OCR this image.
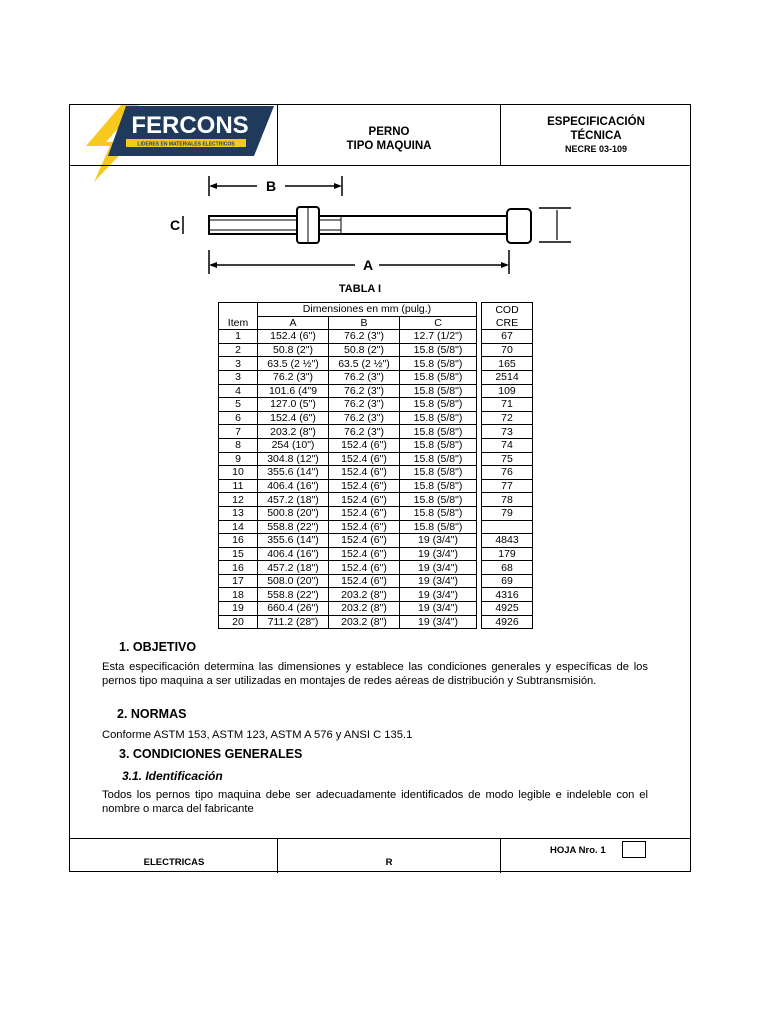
FERCONS
LIDERES EN MATERIALES ELECTRICOS
PERNO
TIPO MAQUINA
ESPECIFICACIÓN
TÉCNICA
NECRE 03-109
ELECTRICAS	R
HOJA Nro. 1
B
C
A
TABLA I
	Dimensiones en mm (pulg.)				COD
Item	A	B	C		CRE
1	152.4 (6")	76.2 (3")	12.7 (1/2")		67
2	50.8 (2")	50.8 (2")	15.8 (5/8")		70
3	63.5 (2 ½")	63.5 (2 ½")	15.8 (5/8")		165
3	76.2 (3")	76.2 (3")	15.8 (5/8")		2514
4	101.6 (4"9	76.2 (3")	15.8 (5/8")		109
5	127.0 (5")	76.2 (3")	15.8 (5/8")		71
6	152.4 (6")	76.2 (3")	15.8 (5/8")		72
7	203.2 (8")	76.2 (3")	15.8 (5/8")		73
8	254 (10")	152.4 (6")	15.8 (5/8")		74
9	304.8 (12")	152.4 (6")	15.8 (5/8")		75
10	355.6 (14")	152.4 (6")	15.8 (5/8")		76
11	406.4 (16")	152.4 (6")	15.8 (5/8")		77
12	457.2 (18")	152.4 (6")	15.8 (5/8")		78
13	500.8 (20")	152.4 (6")	15.8 (5/8")		79
14	558.8 (22")	152.4 (6")	15.8 (5/8")		
16	355.6 (14")	152.4 (6")	19 (3/4")		4843
15	406.4 (16")	152.4 (6")	19 (3/4")		179
16	457.2 (18")	152.4 (6")	19 (3/4")		68
17	508.0 (20")	152.4 (6")	19 (3/4")		69
18	558.8 (22")	203.2 (8")	19 (3/4")		4316
19	660.4 (26")	203.2 (8")	19 (3/4")		4925
20	711.2 (28")	203.2 (8")	19 (3/4")		4926
1. OBJETIVO
Esta especificación determina las dimensiones y establece las condiciones generales y específicas de los pernos tipo maquina a ser utilizadas en montajes de redes aéreas de distribución y Subtransmisión.
2. NORMAS
Conforme ASTM 153, ASTM 123, ASTM A 576 y ANSI C 135.1
3. CONDICIONES GENERALES
3.1. Identificación
Todos los pernos tipo maquina debe ser adecuadamente identificados de modo legible e indeleble con el nombre o marca del fabricante
